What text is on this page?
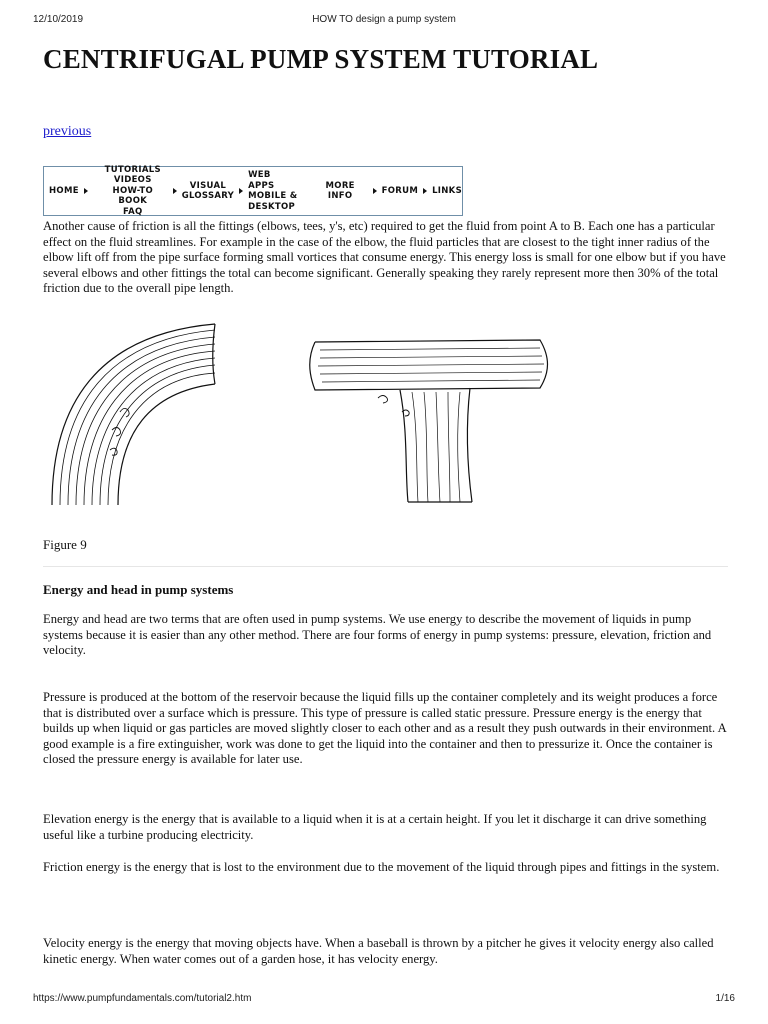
12/10/2019	HOW TO design a pump system
CENTRIFUGAL PUMP SYSTEM TUTORIAL
previous
HOME
TUTORIALS
VIDEOS
HOW-TO BOOK
FAQ
VISUAL
GLOSSARY
WEB APPS
MOBILE &
DESKTOP
MORE INFO
FORUM LINKS

Another cause of friction is all the fittings (elbows, tees, y's, etc) required to get the fluid from point A to B. Each one has a particular effect on the fluid streamlines. For example in the case of the elbow, the fluid particles that are closest to the tight inner radius of the elbow lift off from the pipe surface forming small vortices that consume energy. This energy loss is small for one elbow but if you have several elbows and other fittings the total can become significant. Generally speaking they rarely represent more then 30% of the total friction due to the overall pipe length.

Figure 9
Energy and head in pump systems

Energy and head are two terms that are often used in pump systems. We use energy to describe the movement of liquids in pump systems because it is easier than any other method. There are four forms of energy in pump systems: pressure, elevation, friction and velocity.

Pressure is produced at the bottom of the reservoir because the liquid fills up the container completely and its weight produces a force that is distributed over a surface which is pressure. This type of pressure is called static pressure. Pressure energy is the energy that builds up when liquid or gas particles are moved slightly closer to each other and as a result they push outwards in their environment. A good example is a fire extinguisher, work was done to get the liquid into the container and then to pressurize it. Once the container is closed the pressure energy is available for later use.

Elevation energy is the energy that is available to a liquid when it is at a certain height. If you let it discharge it can drive something useful like a turbine producing electricity.

Friction energy is the energy that is lost to the environment due to the movement of the liquid through pipes and fittings in the system.

Velocity energy is the energy that moving objects have. When a baseball is thrown by a pitcher he gives it velocity energy also called kinetic energy. When water comes out of a garden hose, it has velocity energy.

https://www.pumpfundamentals.com/tutorial2.htm	1/16
